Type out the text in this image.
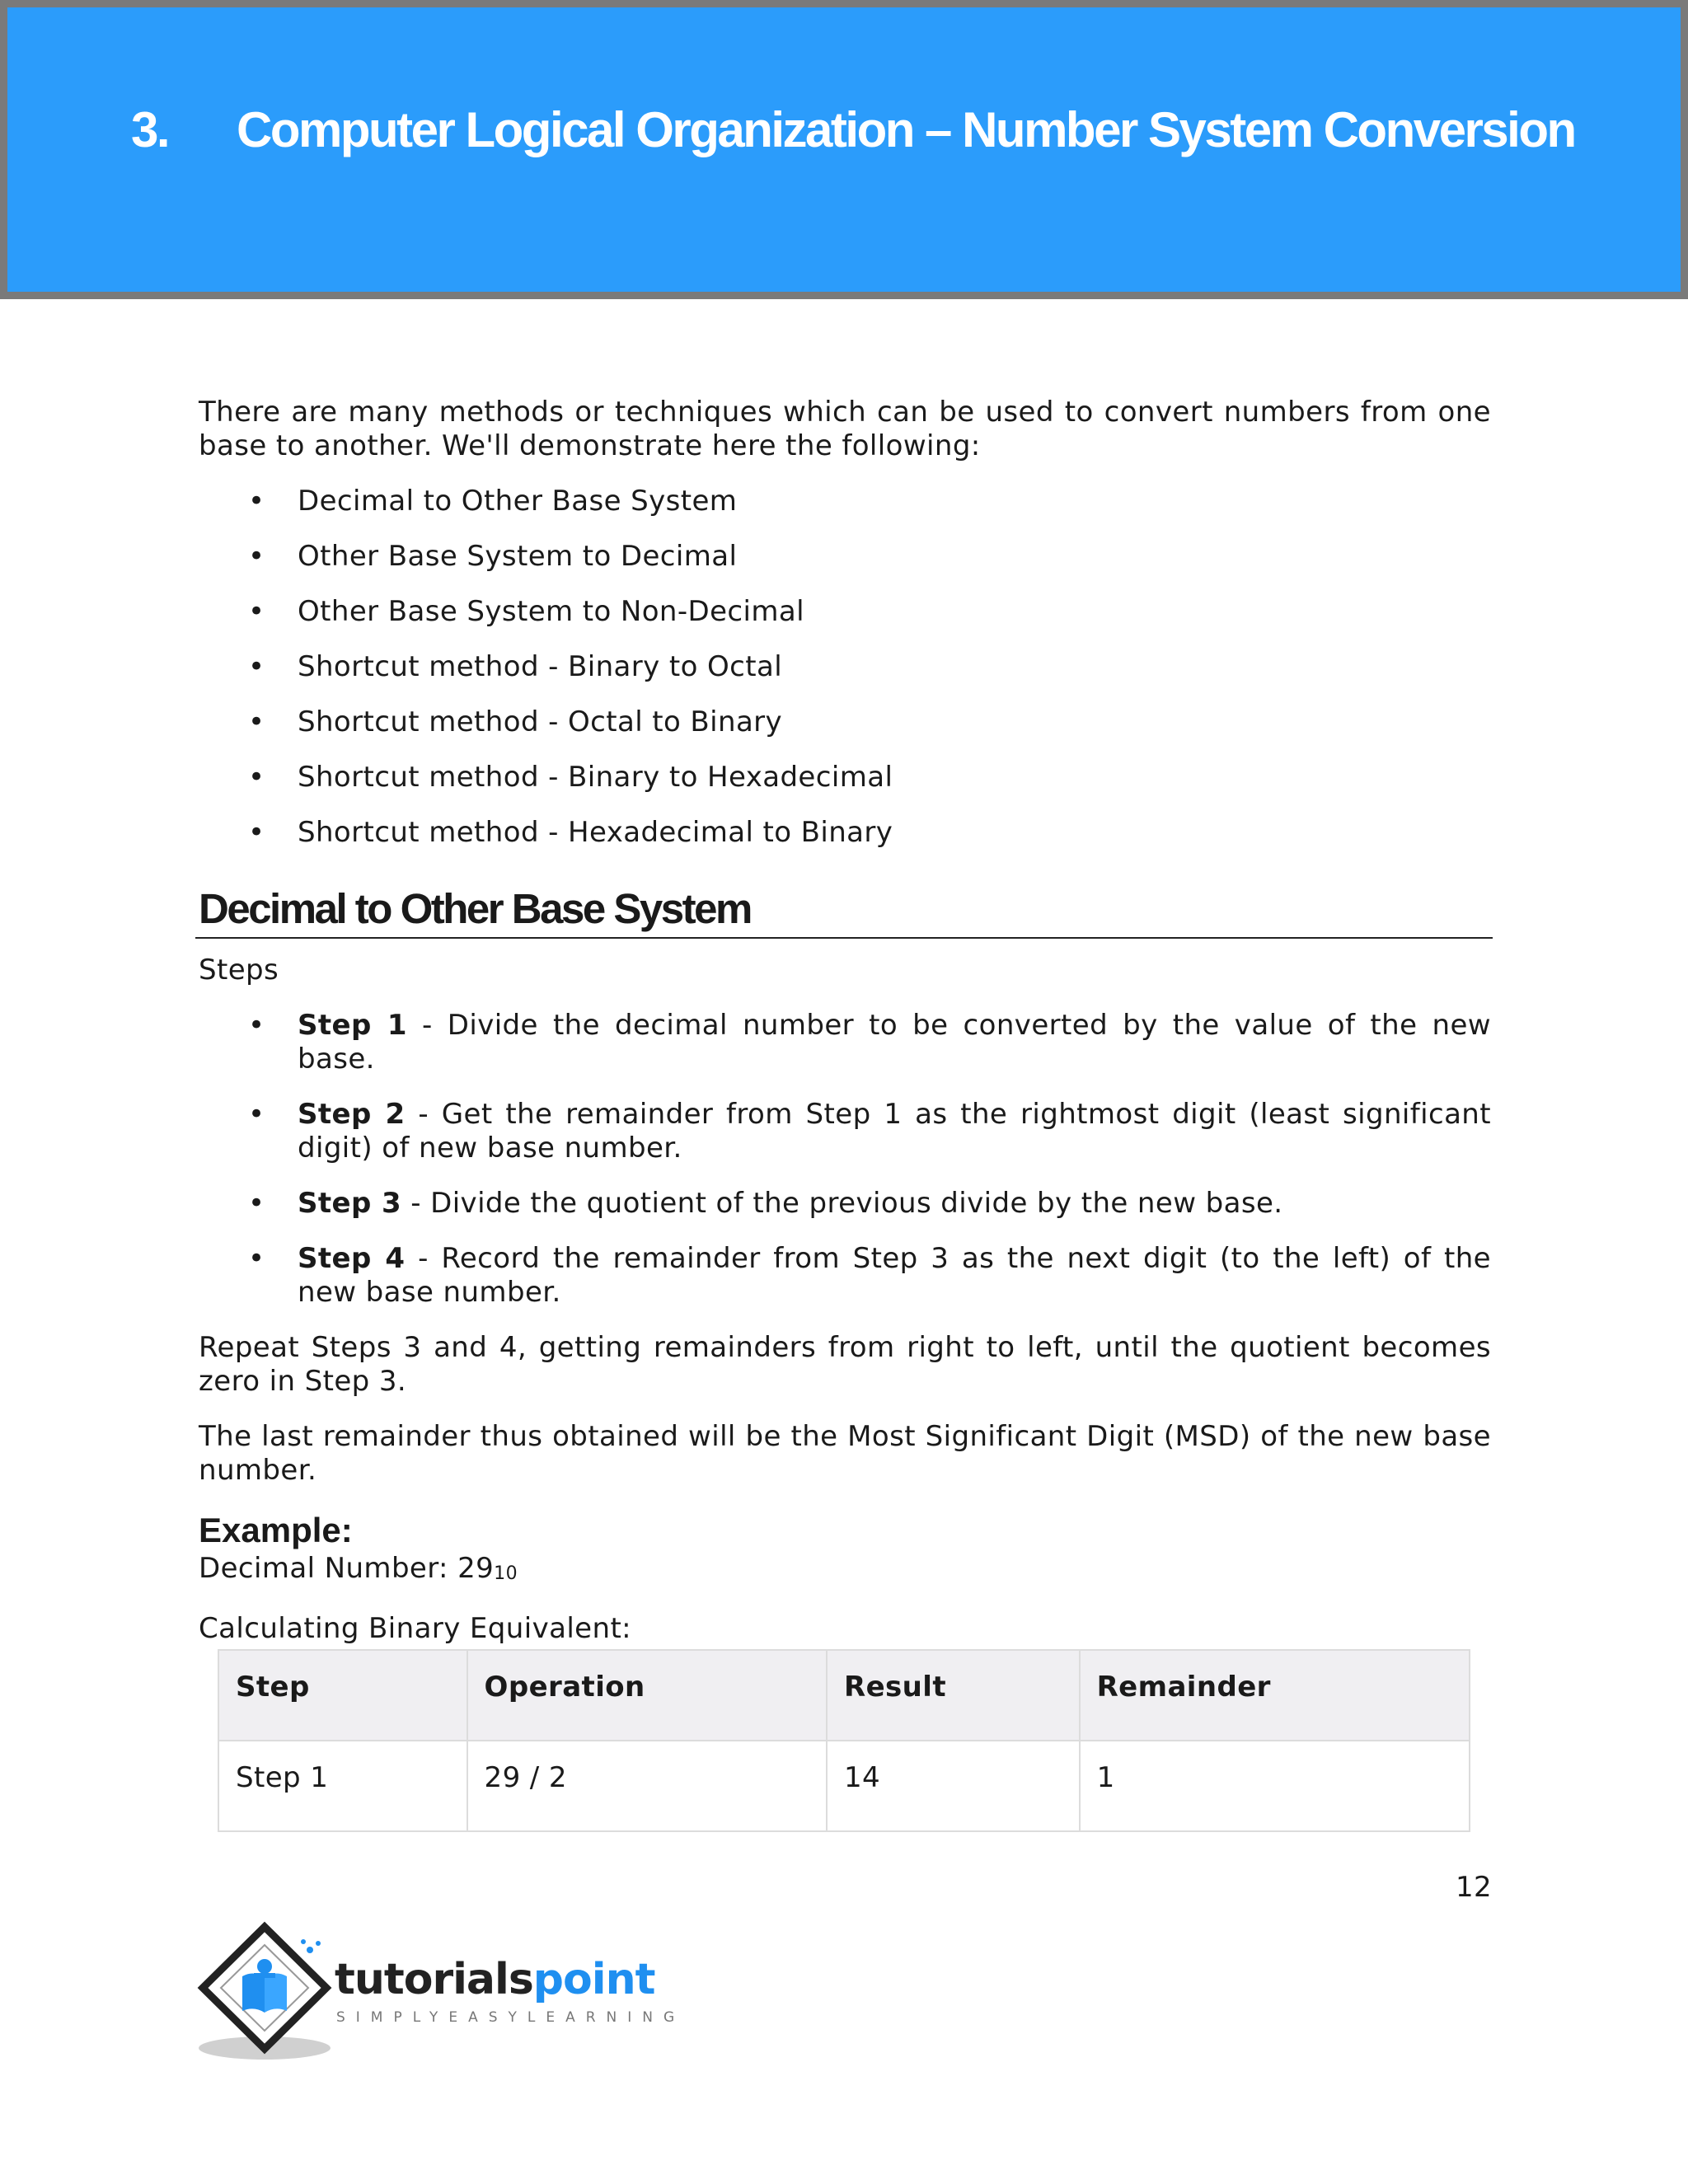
3. Computer Logical Organization – Number System Conversion

There are many methods or techniques which can be used to convert numbers from one base to another. We'll demonstrate here the following:

• Decimal to Other Base System
• Other Base System to Decimal
• Other Base System to Non-Decimal
• Shortcut method - Binary to Octal
• Shortcut method - Octal to Binary
• Shortcut method - Binary to Hexadecimal
• Shortcut method - Hexadecimal to Binary
Decimal to Other Base System

Steps

• Step 1 - Divide the decimal number to be converted by the value of the new base.
• Step 2 - Get the remainder from Step 1 as the rightmost digit (least significant digit) of new base number.
• Step 3 - Divide the quotient of the previous divide by the new base.
• Step 4 - Record the remainder from Step 3 as the next digit (to the left) of the new base number.

Repeat Steps 3 and 4, getting remainders from right to left, until the quotient becomes zero in Step 3.

The last remainder thus obtained will be the Most Significant Digit (MSD) of the new base number.

Example:

Decimal Number: $29_{10}$

Calculating Binary Equivalent:

Step	Operation	Result	Remainder
Step 1	29 / 2	14	1
12
tutorialspoint
SIMPLYEASYLEARNING
